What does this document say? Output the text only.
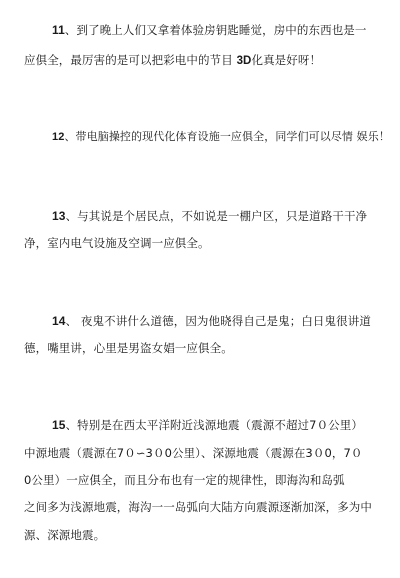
11、到了晚上人们又拿着体验房钥匙睡觉，房中的东西也是一
应俱全，最厉害的是可以把彩电中的节目 3D化真是好呀！
12、带电脑操控的现代化体育设施一应俱全，同学们可以尽情 娱乐！
13、与其说是个居民点，不如说是一棚户区，只是道路干干净
净，室内电气设施及空调一应俱全。
14、 夜鬼不讲什么道德，因为他晓得自己是鬼；白日鬼很讲道
德，嘴里讲，心里是男盗女娼一应俱全。
15、特别是在西太平洋附近浅源地震（震源不超过7０公里）
中源地震（震源在7０∽3０0公里）、深源地震（震源在3０0，7０
0公里）一应俱全，而且分布也有一定的规律性，即海沟和岛弧
之间多为浅源地震，海沟一一岛弧向大陆方向震源逐渐加深，多为中
源、深源地震。
